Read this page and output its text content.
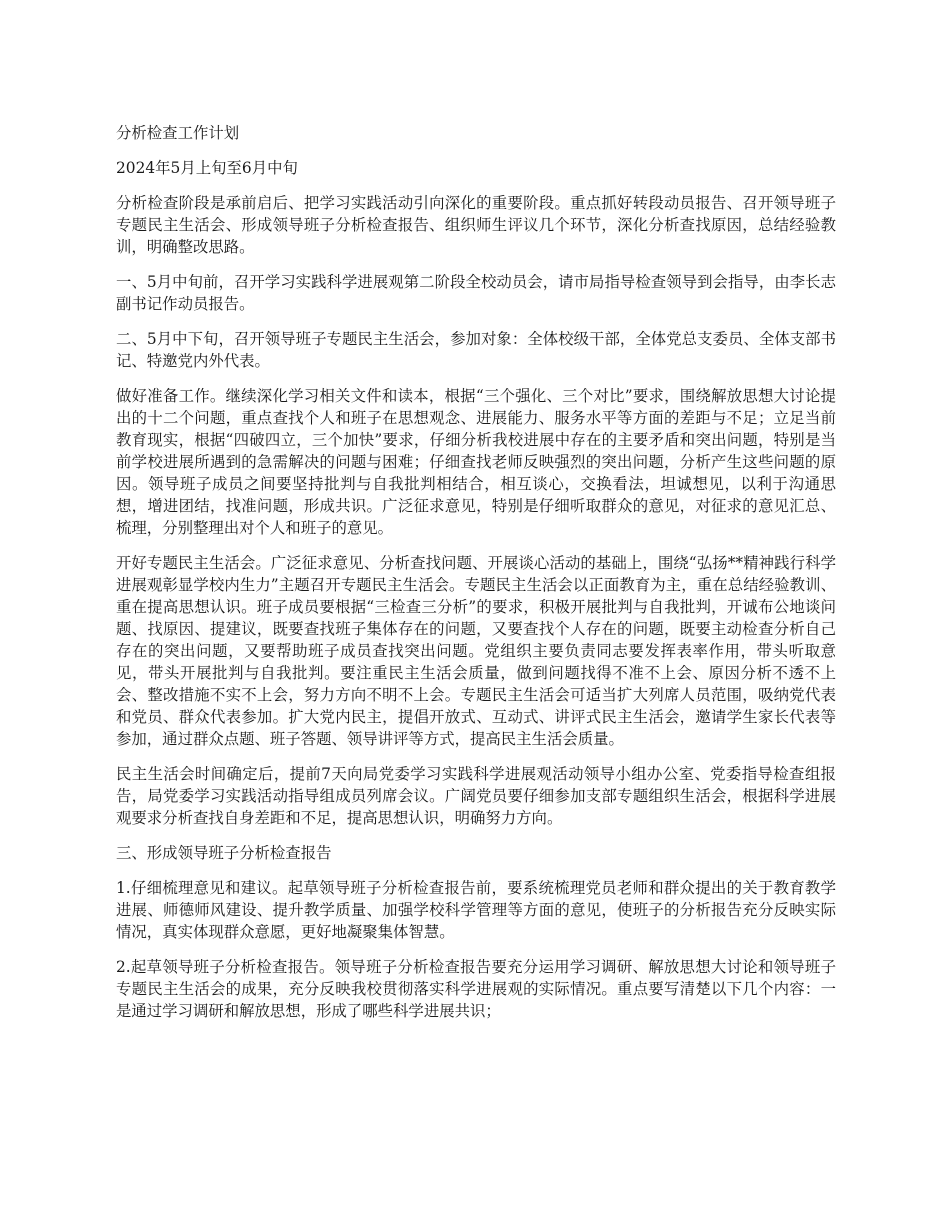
分析检查工作计划

2024年5月上旬至6月中旬

分析检查阶段是承前启后、把学习实践活动引向深化的重要阶段。重点抓好转段动员报告、召开领导班子专题民主生活会、形成领导班子分析检查报告、组织师生评议几个环节，深化分析查找原因，总结经验教训，明确整改思路。

一、5月中旬前，召开学习实践科学进展观第二阶段全校动员会，请市局指导检查领导到会指导，由李长志副书记作动员报告。

二、5月中下旬，召开领导班子专题民主生活会，参加对象：全体校级干部，全体党总支委员、全体支部书记、特邀党内外代表。

做好准备工作。继续深化学习相关文件和读本，根据“三个强化、三个对比”要求，围绕解放思想大讨论提出的十二个问题，重点查找个人和班子在思想观念、进展能力、服务水平等方面的差距与不足；立足当前教育现实，根据“四破四立，三个加快”要求，仔细分析我校进展中存在的主要矛盾和突出问题，特别是当前学校进展所遇到的急需解决的问题与困难；仔细查找老师反映强烈的突出问题，分析产生这些问题的原因。领导班子成员之间要坚持批判与自我批判相结合，相互谈心，交换看法，坦诚想见，以利于沟通思想，增进团结，找准问题，形成共识。广泛征求意见，特别是仔细听取群众的意见，对征求的意见汇总、梳理，分别整理出对个人和班子的意见。

开好专题民主生活会。广泛征求意见、分析查找问题、开展谈心活动的基础上，围绕“弘扬**精神践行科学进展观彰显学校内生力”主题召开专题民主生活会。专题民主生活会以正面教育为主，重在总结经验教训、重在提高思想认识。班子成员要根据“三检查三分析”的要求，积极开展批判与自我批判，开诚布公地谈问题、找原因、提建议，既要查找班子集体存在的问题，又要查找个人存在的问题，既要主动检查分析自己存在的突出问题，又要帮助班子成员查找突出问题。党组织主要负责同志要发挥表率作用，带头听取意见，带头开展批判与自我批判。要注重民主生活会质量，做到问题找得不准不上会、原因分析不透不上会、整改措施不实不上会，努力方向不明不上会。专题民主生活会可适当扩大列席人员范围，吸纳党代表和党员、群众代表参加。扩大党内民主，提倡开放式、互动式、讲评式民主生活会，邀请学生家长代表等参加，通过群众点题、班子答题、领导讲评等方式，提高民主生活会质量。

民主生活会时间确定后，提前7天向局党委学习实践科学进展观活动领导小组办公室、党委指导检查组报告，局党委学习实践活动指导组成员列席会议。广阔党员要仔细参加支部专题组织生活会，根据科学进展观要求分析查找自身差距和不足，提高思想认识，明确努力方向。

三、形成领导班子分析检查报告

1.仔细梳理意见和建议。起草领导班子分析检查报告前，要系统梳理党员老师和群众提出的关于教育教学进展、师德师风建设、提升教学质量、加强学校科学管理等方面的意见，使班子的分析报告充分反映实际情况，真实体现群众意愿，更好地凝聚集体智慧。

2.起草领导班子分析检查报告。领导班子分析检查报告要充分运用学习调研、解放思想大讨论和领导班子专题民主生活会的成果，充分反映我校贯彻落实科学进展观的实际情况。重点要写清楚以下几个内容：一是通过学习调研和解放思想，形成了哪些科学进展共识；
